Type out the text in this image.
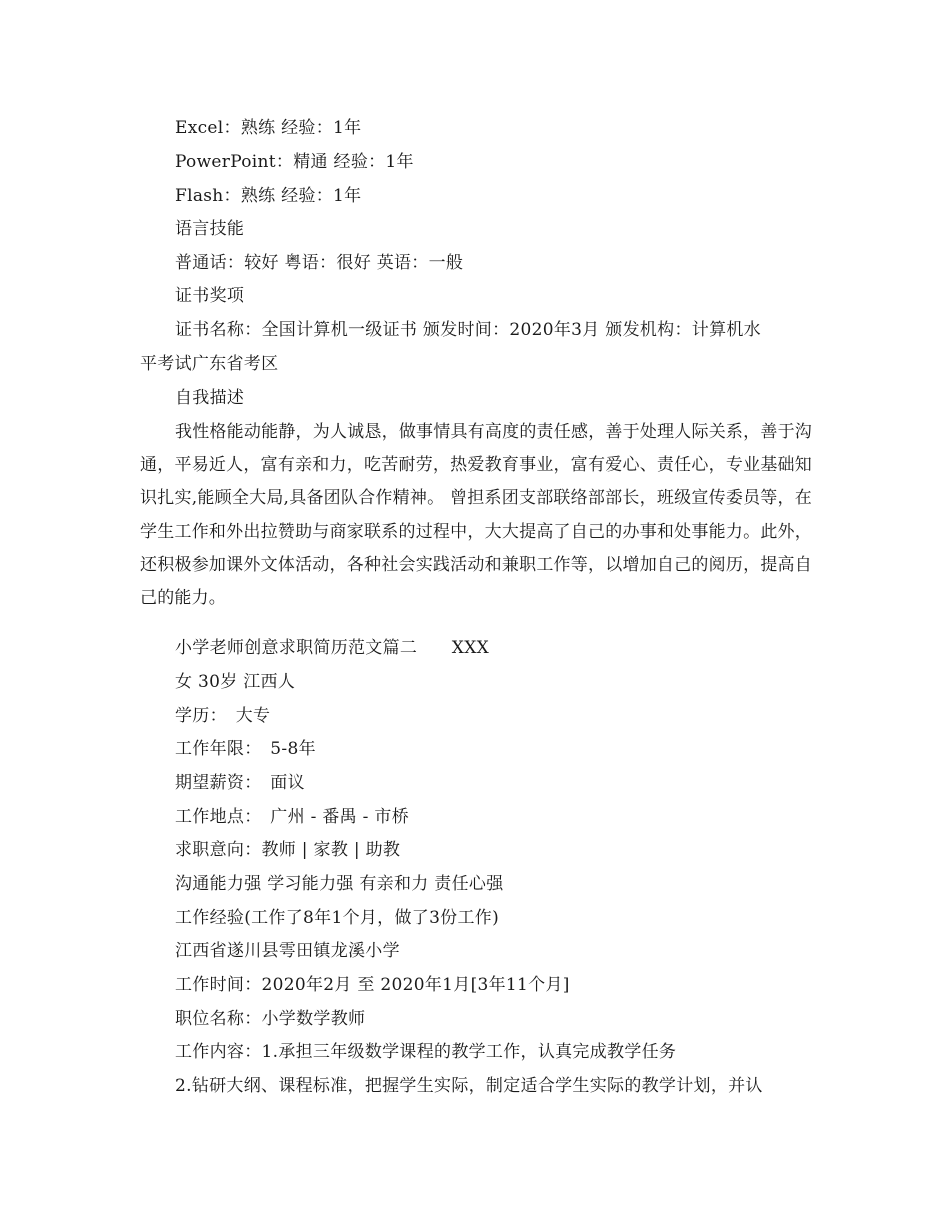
Excel：熟练 经验：1年
PowerPoint：精通 经验：1年
Flash：熟练 经验：1年
语言技能
普通话：较好 粤语：很好 英语：一般
证书奖项
证书名称：全国计算机一级证书 颁发时间：2020年3月 颁发机构：计算机水
平考试广东省考区
自我描述
我性格能动能静，为人诚恳，做事情具有高度的责任感，善于处理人际关系，善于沟通，平易近人，富有亲和力，吃苦耐劳，热爱教育事业，富有爱心、责任心，专业基础知识扎实,能顾全大局,具备团队合作精神。 曾担系团支部联络部部长，班级宣传委员等，在学生工作和外出拉赞助与商家联系的过程中，大大提高了自己的办事和处事能力。此外，还积极参加课外文体活动，各种社会实践活动和兼职工作等，以增加自己的阅历，提高自己的能力。
小学老师创意求职简历范文篇二　　XXX
女 30岁 江西人
学历：　大专
工作年限：　5-8年
期望薪资：　面议
工作地点：　广州 - 番禺 - 市桥
求职意向：教师 | 家教 | 助教
沟通能力强 学习能力强 有亲和力 责任心强
工作经验(工作了8年1个月，做了3份工作)
江西省遂川县雩田镇龙溪小学
工作时间：2020年2月 至 2020年1月[3年11个月]
职位名称：小学数学教师
工作内容：1.承担三年级数学课程的教学工作，认真完成教学任务
2.钻研大纲、课程标准，把握学生实际，制定适合学生实际的教学计划，并认
